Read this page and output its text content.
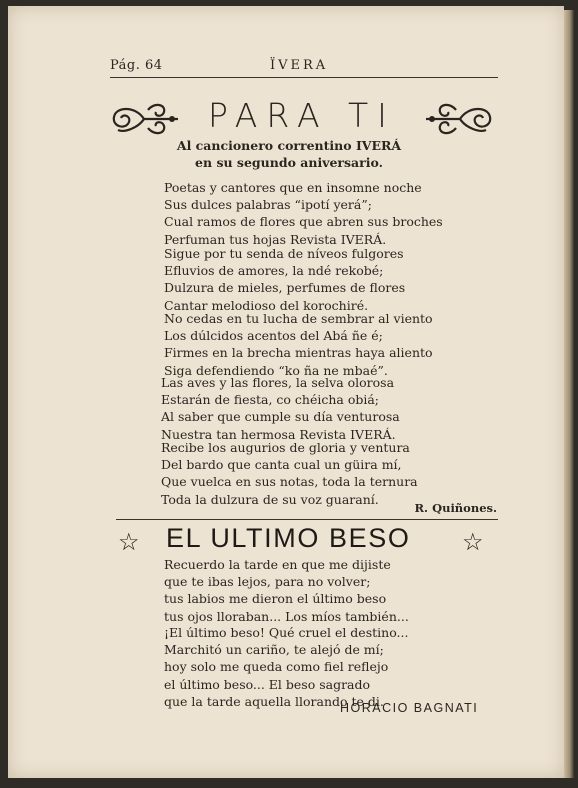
Pág. 64	ÏVERA
PARA TI
Al cancionero correntino IVERÁ
en su segundo aniversario.
Poetas y cantores que en insomne noche
Sus dulces palabras “ipotí yerá”;
Cual ramos de flores que abren sus broches
Perfuman tus hojas Revista IVERÁ.
Sigue por tu senda de níveos fulgores
Efluvios de amores, la ndé rekobé;
Dulzura de mieles, perfumes de flores
Cantar melodioso del korochiré.
No cedas en tu lucha de sembrar al viento
Los dúlcidos acentos del Abá ñe é;
Firmes en la brecha mientras haya aliento
Siga defendiendo “ko ña ne mbaé”.
Las aves y las flores, la selva olorosa
Estarán de fiesta, co chéicha obiá;
Al saber que cumple su día venturosa
Nuestra tan hermosa Revista IVERÁ.
Recibe los augurios de gloria y ventura
Del bardo que canta cual un güira mí,
Que vuelca en sus notas, toda la ternura
Toda la dulzura de su voz guaraní.
R. Quiñones.
☆ EL ULTIMO BESO ☆
Recuerdo la tarde en que me dijiste
que te ibas lejos, para no volver;
tus labios me dieron el último beso
tus ojos lloraban... Los míos también...
¡El último beso! Qué cruel el destino...
Marchitó un cariño, te alejó de mí;
hoy solo me queda como fiel reflejo
el último beso... El beso sagrado
que la tarde aquella llorando te di.
HORACIO BAGNATI
